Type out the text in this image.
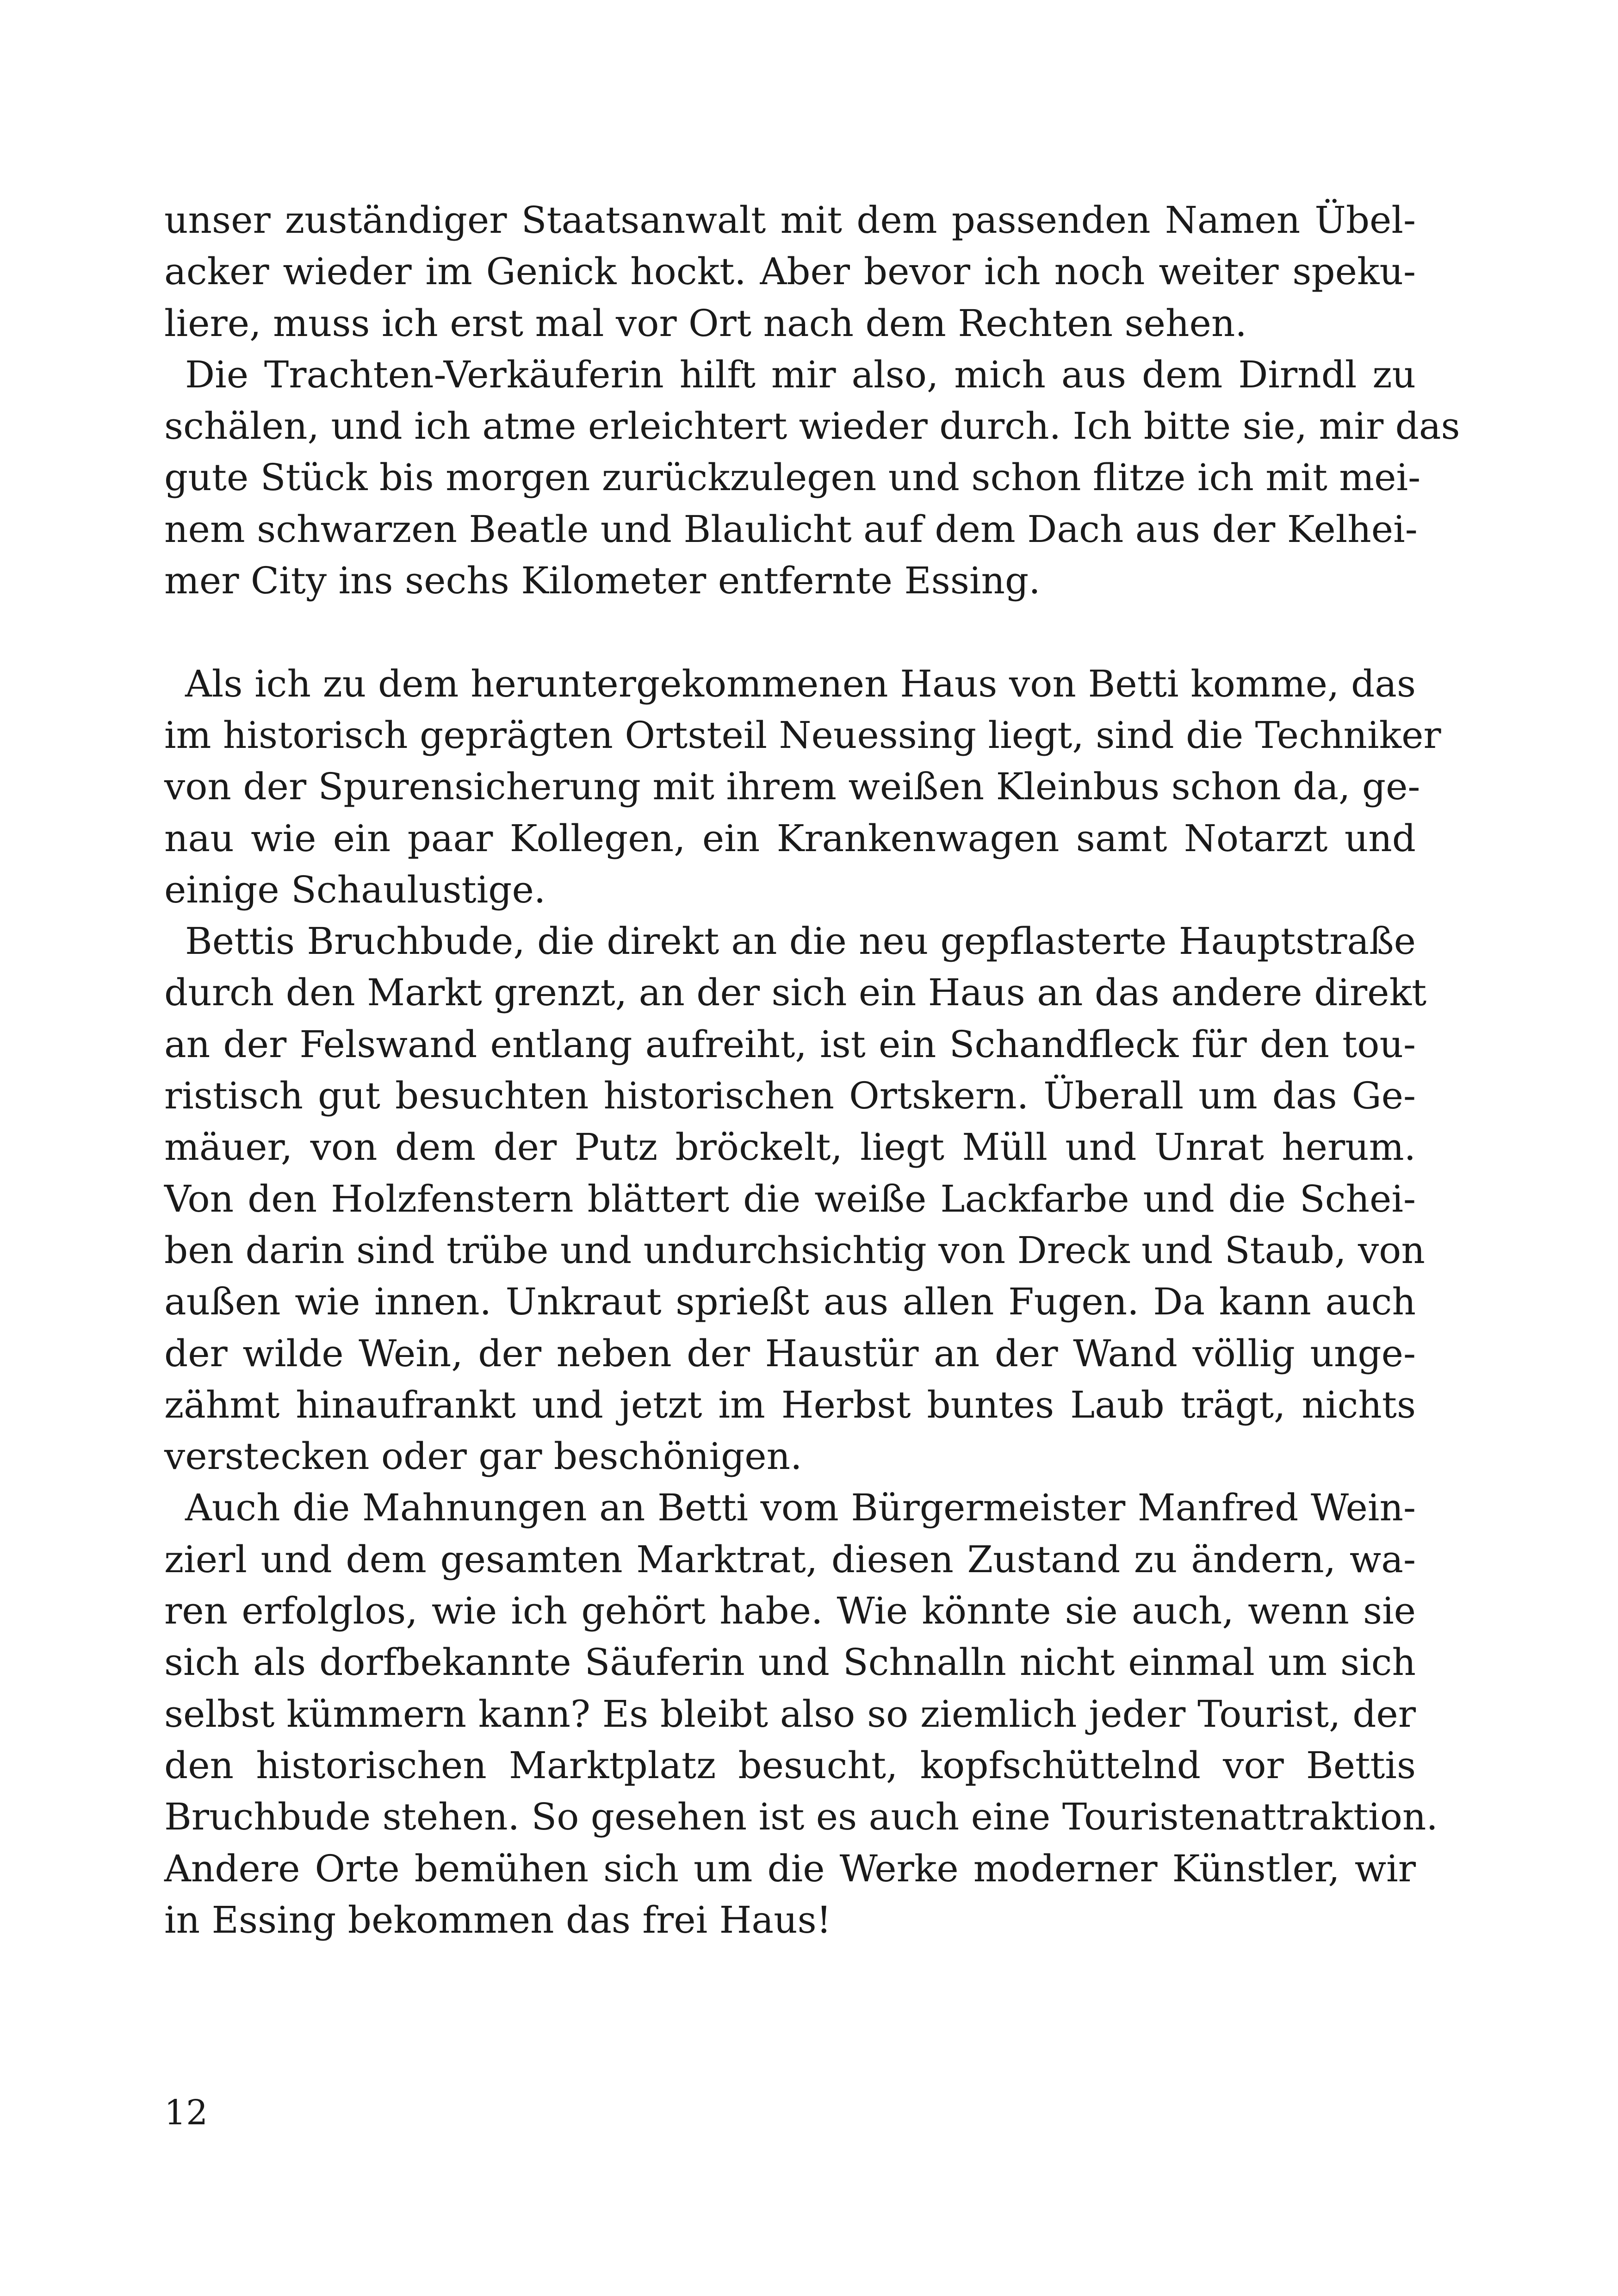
unser zuständiger Staatsanwalt mit dem passenden Namen Übel-
acker wieder im Genick hockt. Aber bevor ich noch weiter speku-
liere, muss ich erst mal vor Ort nach dem Rechten sehen.

Die Trachten-Verkäuferin hilft mir also, mich aus dem Dirndl zu
schälen, und ich atme erleichtert wieder durch. Ich bitte sie, mir das
gute Stück bis morgen zurückzulegen und schon flitze ich mit mei-
nem schwarzen Beatle und Blaulicht auf dem Dach aus der Kelhei-
mer City ins sechs Kilometer entfernte Essing.

Als ich zu dem heruntergekommenen Haus von Betti komme, das
im historisch geprägten Ortsteil Neuessing liegt, sind die Techniker
von der Spurensicherung mit ihrem weißen Kleinbus schon da, ge-
nau wie ein paar Kollegen, ein Krankenwagen samt Notarzt und
einige Schaulustige.

Bettis Bruchbude, die direkt an die neu gepflasterte Hauptstraße
durch den Markt grenzt, an der sich ein Haus an das andere direkt
an der Felswand entlang aufreiht, ist ein Schandfleck für den tou-
ristisch gut besuchten historischen Ortskern. Überall um das Ge-
mäuer, von dem der Putz bröckelt, liegt Müll und Unrat herum.
Von den Holzfenstern blättert die weiße Lackfarbe und die Schei-
ben darin sind trübe und undurchsichtig von Dreck und Staub, von
außen wie innen. Unkraut sprießt aus allen Fugen. Da kann auch
der wilde Wein, der neben der Haustür an der Wand völlig unge-
zähmt hinaufrankt und jetzt im Herbst buntes Laub trägt, nichts
verstecken oder gar beschönigen.

Auch die Mahnungen an Betti vom Bürgermeister Manfred Wein-
zierl und dem gesamten Marktrat, diesen Zustand zu ändern, wa-
ren erfolglos, wie ich gehört habe. Wie könnte sie auch, wenn sie
sich als dorfbekannte Säuferin und Schnalln nicht einmal um sich
selbst kümmern kann? Es bleibt also so ziemlich jeder Tourist, der
den historischen Marktplatz besucht, kopfschüttelnd vor Bettis
Bruchbude stehen. So gesehen ist es auch eine Touristenattraktion.
Andere Orte bemühen sich um die Werke moderner Künstler, wir
in Essing bekommen das frei Haus!

12
